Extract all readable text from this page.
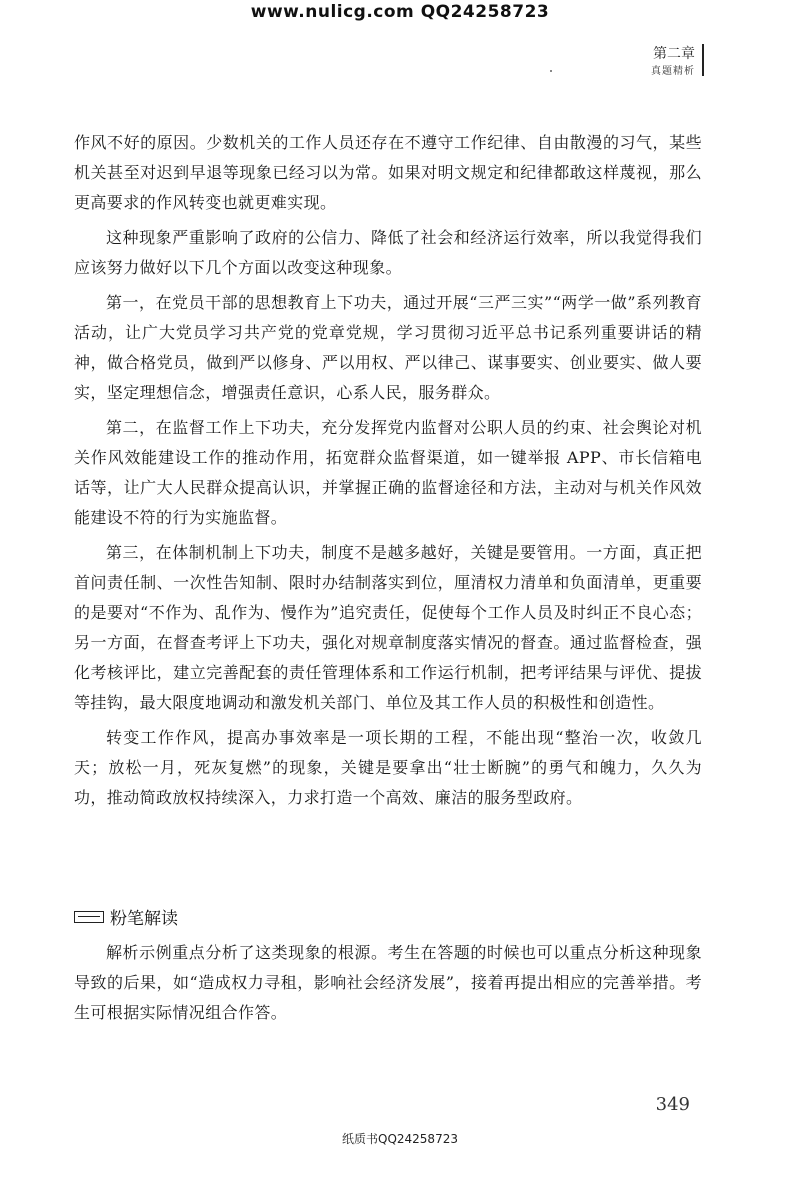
www.nulicg.com QQ24258723
第二章
真题精析

作风不好的原因。少数机关的工作人员还存在不遵守工作纪律、自由散漫的习气，某些机关甚至对迟到早退等现象已经习以为常。如果对明文规定和纪律都敢这样蔑视，那么更高要求的作风转变也就更难实现。

这种现象严重影响了政府的公信力、降低了社会和经济运行效率，所以我觉得我们应该努力做好以下几个方面以改变这种现象。

第一，在党员干部的思想教育上下功夫，通过开展“三严三实”“两学一做”系列教育活动，让广大党员学习共产党的党章党规，学习贯彻习近平总书记系列重要讲话的精神，做合格党员，做到严以修身、严以用权、严以律己、谋事要实、创业要实、做人要实，坚定理想信念，增强责任意识，心系人民，服务群众。

第二，在监督工作上下功夫，充分发挥党内监督对公职人员的约束、社会舆论对机关作风效能建设工作的推动作用，拓宽群众监督渠道，如一键举报 APP、市长信箱电话等，让广大人民群众提高认识，并掌握正确的监督途径和方法，主动对与机关作风效能建设不符的行为实施监督。

第三，在体制机制上下功夫，制度不是越多越好，关键是要管用。一方面，真正把首问责任制、一次性告知制、限时办结制落实到位，厘清权力清单和负面清单，更重要的是要对“不作为、乱作为、慢作为”追究责任，促使每个工作人员及时纠正不良心态；另一方面，在督查考评上下功夫，强化对规章制度落实情况的督查。通过监督检查，强化考核评比，建立完善配套的责任管理体系和工作运行机制，把考评结果与评优、提拔等挂钩，最大限度地调动和激发机关部门、单位及其工作人员的积极性和创造性。

转变工作作风，提高办事效率是一项长期的工程，不能出现“整治一次，收敛几天；放松一月，死灰复燃”的现象，关键是要拿出“壮士断腕”的勇气和魄力，久久为功，推动简政放权持续深入，力求打造一个高效、廉洁的服务型政府。

粉笔解读

解析示例重点分析了这类现象的根源。考生在答题的时候也可以重点分析这种现象导致的后果，如“造成权力寻租，影响社会经济发展”，接着再提出相应的完善举措。考生可根据实际情况组合作答。

349
纸质书QQ24258723
